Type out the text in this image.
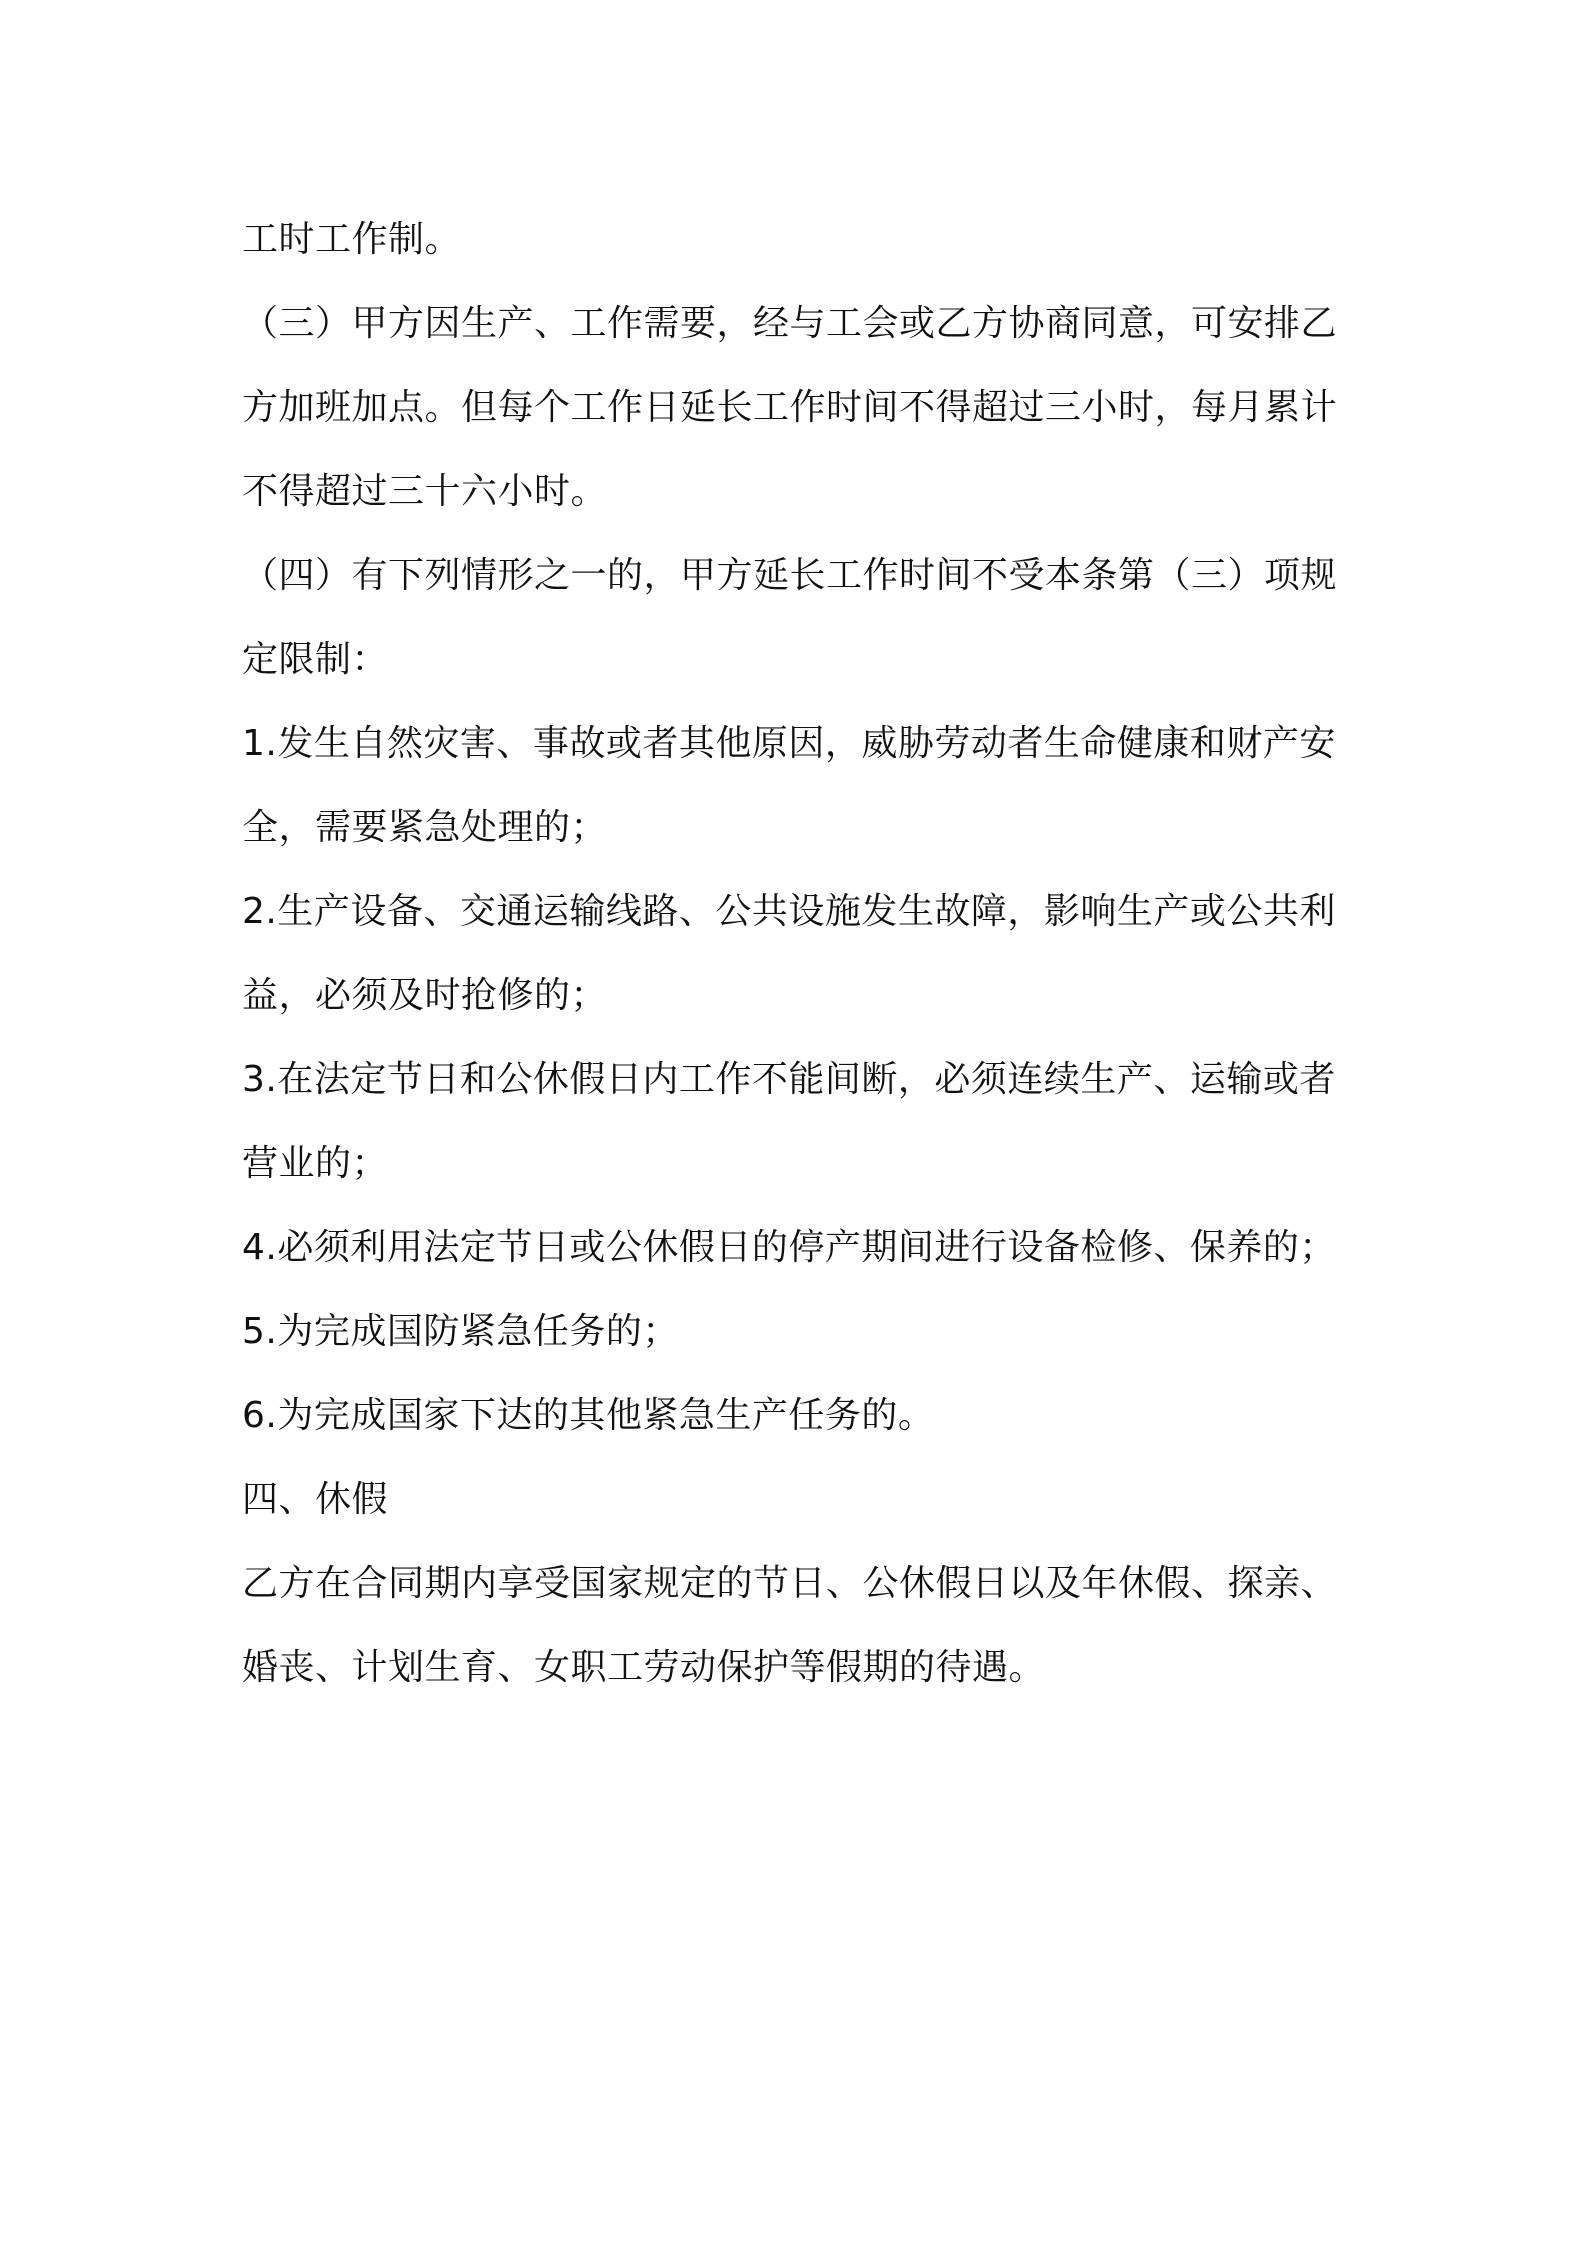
工时工作制。
（三）甲方因生产、工作需要，经与工会或乙方协商同意，可安排乙
方加班加点。但每个工作日延长工作时间不得超过三小时，每月累计
不得超过三十六小时。
（四）有下列情形之一的，甲方延长工作时间不受本条第（三）项规
定限制：
1.发生自然灾害、事故或者其他原因，威胁劳动者生命健康和财产安
全，需要紧急处理的；
2.生产设备、交通运输线路、公共设施发生故障，影响生产或公共利
益，必须及时抢修的；
3.在法定节日和公休假日内工作不能间断，必须连续生产、运输或者
营业的；
4.必须利用法定节日或公休假日的停产期间进行设备检修、保养的；
5.为完成国防紧急任务的；
6.为完成国家下达的其他紧急生产任务的。
四、休假
乙方在合同期内享受国家规定的节日、公休假日以及年休假、探亲、
婚丧、计划生育、女职工劳动保护等假期的待遇。
